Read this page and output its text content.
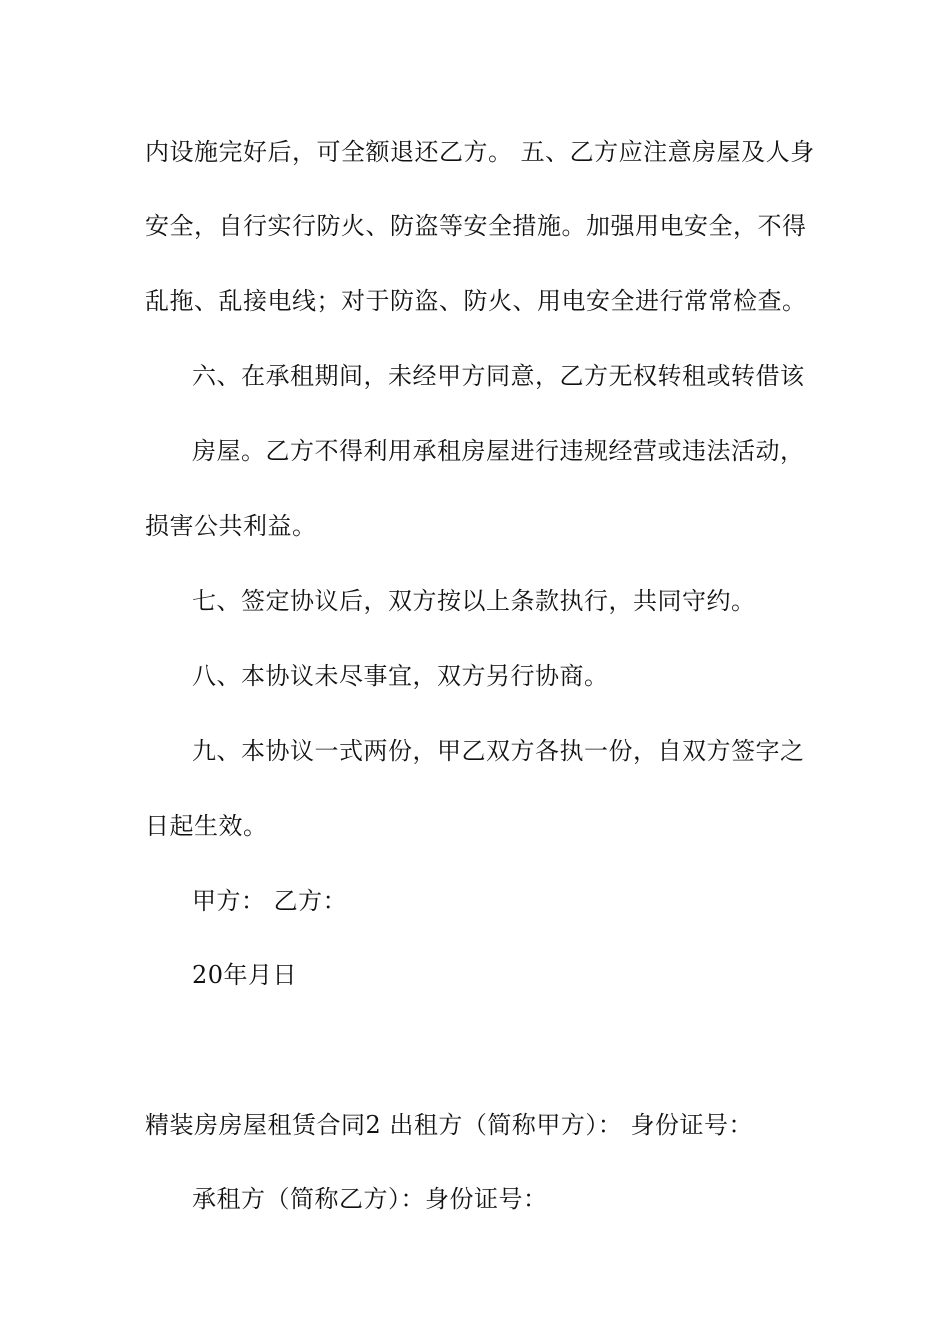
内设施完好后，可全额退还乙方。 五、乙方应注意房屋及人身
安全，自行实行防火、防盗等安全措施。加强用电安全，不得
乱拖、乱接电线；对于防盗、防火、用电安全进行常常检查。
六、在承租期间，未经甲方同意，乙方无权转租或转借该
房屋。乙方不得利用承租房屋进行违规经营或违法活动，
损害公共利益。
七、签定协议后，双方按以上条款执行，共同守约。
八、本协议未尽事宜，双方另行协商。
九、本协议一式两份，甲乙双方各执一份，自双方签字之
日起生效。
甲方： 乙方：
20年月日
精装房房屋租赁合同2 出租方（简称甲方）： 身份证号：
承租方（简称乙方）：身份证号：
